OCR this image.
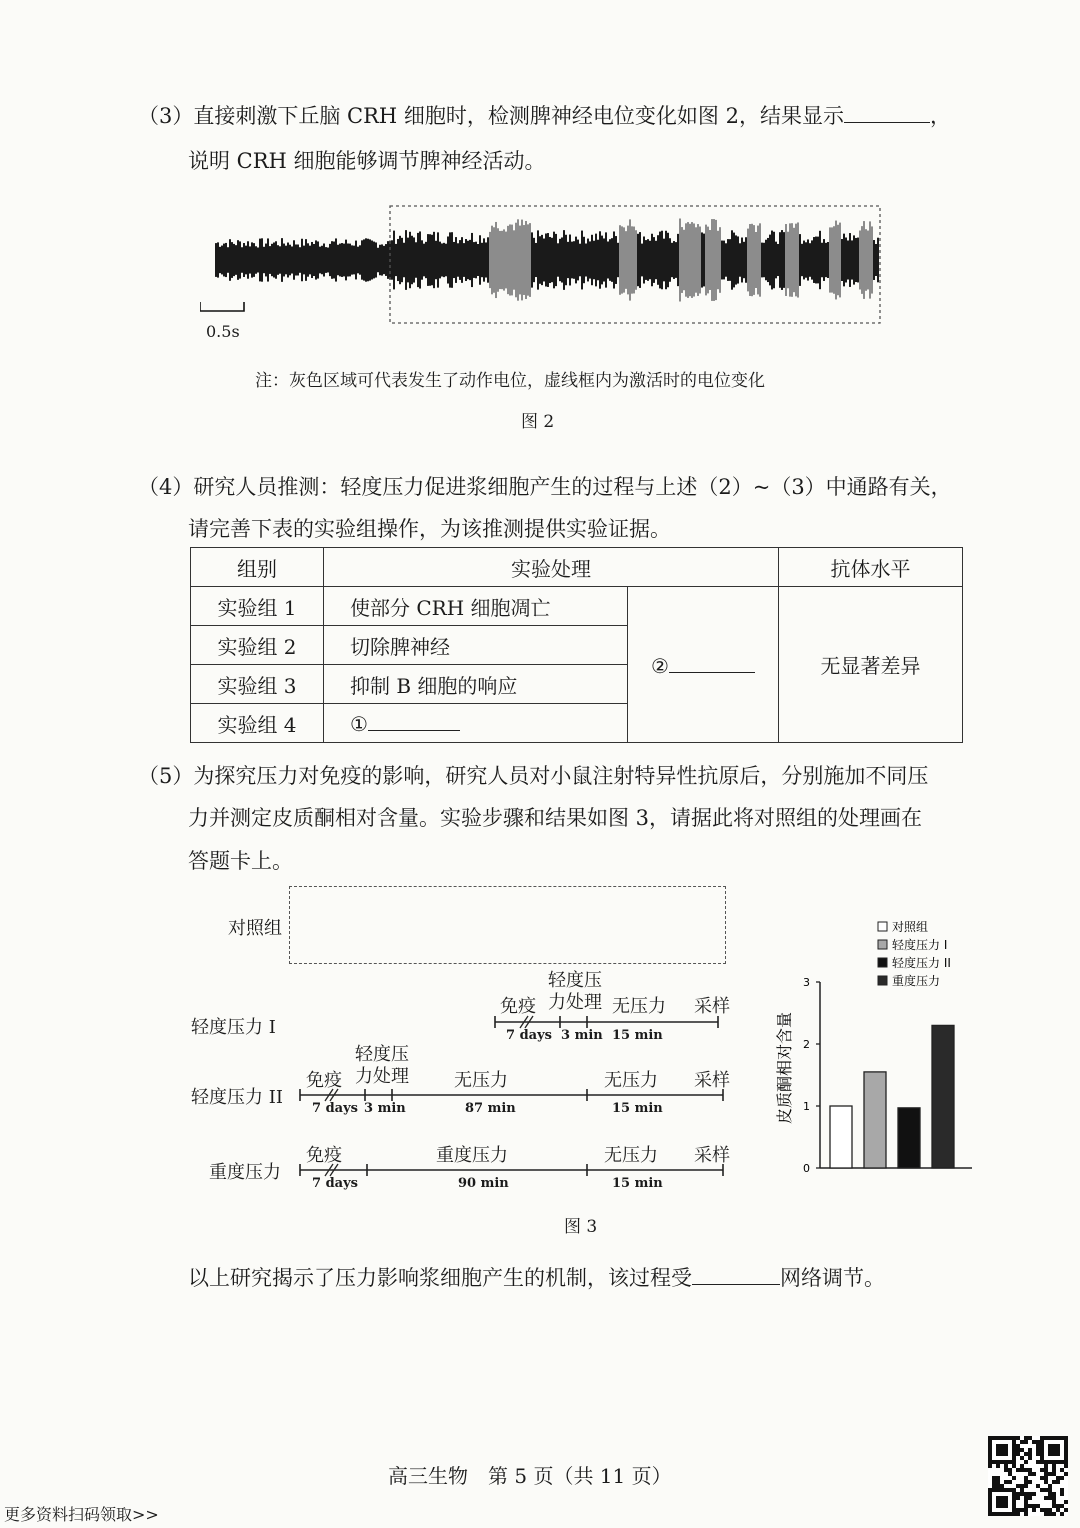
（3）直接刺激下丘脑 CRH 细胞时，检测脾神经电位变化如图 2，结果显示	，
说明 CRH 细胞能够调节脾神经活动。
0.5s
注：灰色区域可代表发生了动作电位，虚线框内为激活时的电位变化
图 2
（4）研究人员推测：轻度压力促进浆细胞产生的过程与上述（2）~（3）中通路有关，
请完善下表的实验组操作，为该推测提供实验证据。
组别	实验处理		抗体水平
实验组 1	使部分 CRH 细胞凋亡	②	无显著差异
实验组 2	切除脾神经		
实验组 3	抑制 B 细胞的响应		
实验组 4	①		
（5）为探究压力对免疫的影响，研究人员对小鼠注射特异性抗原后，分别施加不同压
力并测定皮质酮相对含量。实验步骤和结果如图 3，请据此将对照组的处理画在
答题卡上。
对照组
轻度压力 I
免疫
轻度压力处理 无压力 采样
7 days 3 min 15 min
轻度压力 II
免疫
轻度压力处理	无压力	无压力 采样
7 days 3 min	87 min	15 min
重度压力
免疫	重度压力	无压力 采样
7 days	90 min	15 min
对照组
轻度压力 I
轻度压力 II
重度压力
皮质酮相对含量
0
1
2
3
图 3
以上研究揭示了压力影响浆细胞产生的机制，该过程受	网络调节。
高三生物　第 5 页（共 11 页）
更多资料扫码领取>>
